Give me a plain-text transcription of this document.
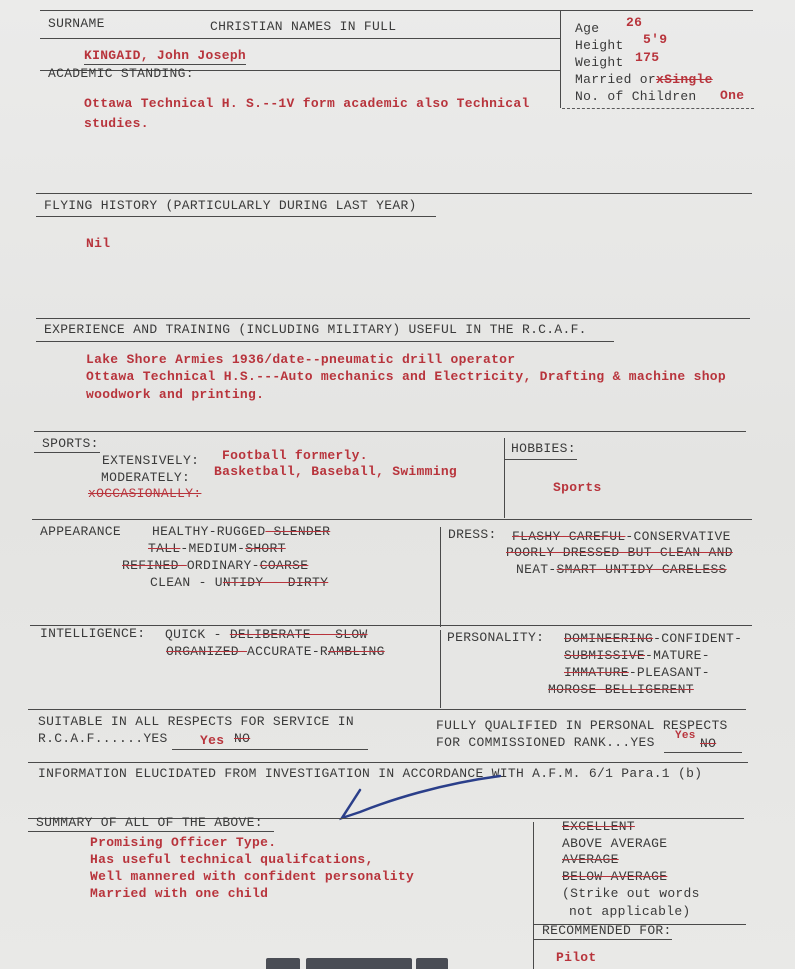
SURNAME	CHRISTIAN NAMES IN FULL
KINGAID, John Joseph
ACADEMIC STANDING:
Age 26
Height 5'9
Weight 175
Married orxSingle
No. of Children One
Ottawa Technical H. S.--1V form academic also Technical
studies.
FLYING HISTORY (PARTICULARLY DURING LAST YEAR)
Nil
EXPERIENCE AND TRAINING (INCLUDING MILITARY) USEFUL IN THE R.C.A.F.
Lake Shore Armies 1936/date--pneumatic drill operator
Ottawa Technical H.S.---Auto mechanics and Electricity, Drafting & machine shop
woodwork and printing.
SPORTS:
EXTENSIVELY: Football formerly.
MODERATELY: Basketball, Baseball, Swimming
xOCCASIONALLY:
HOBBIES:
Sports
APPEARANCE HEALTHY-RUGGED-SLENDER
TALL-MEDIUM-SHORT
REFINED-ORDINARY-COARSE
CLEAN - UNTIDY - DIRTY
DRESS: FLASHY-CAREFUL-CONSERVATIVE
POORLY DRESSED BUT CLEAN AND
NEAT-SMART-UNTIDY-CARELESS
INTELLIGENCE: QUICK - DELIBERATE - SLOW
ORGANIZED-ACCURATE-RAMBLING
PERSONALITY: DOMINEERING-CONFIDENT-
SUBMISSIVE-MATURE-
IMMATURE-PLEASANT-
MOROSE-BELLIGERENT
SUITABLE IN ALL RESPECTS FOR SERVICE IN
R.C.A.F......YES Yes NO
FULLY QUALIFIED IN PERSONAL RESPECTS
FOR COMMISSIONED RANK...YES Yes NO
INFORMATION ELUCIDATED FROM INVESTIGATION IN ACCORDANCE WITH A.F.M. 6/1 Para.1 (b)
SUMMARY OF ALL OF THE ABOVE:
Promising Officer Type.
Has useful technical qualifcations,
Well mannered with confident personality
Married with one child
EXCELLENT
ABOVE AVERAGE
AVERAGE
BELOW AVERAGE
(Strike out words
not applicable)
RECOMMENDED FOR:
Pilot
